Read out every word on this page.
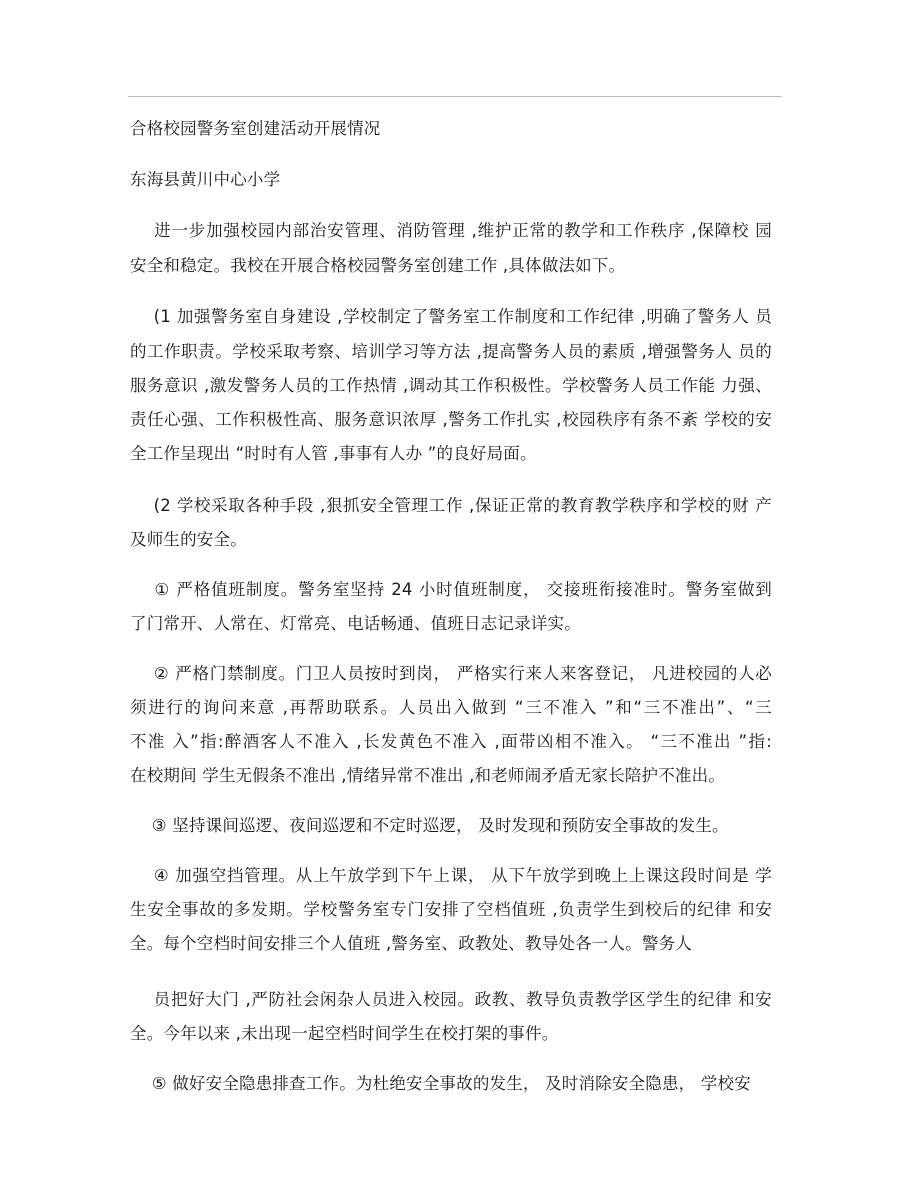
合格校园警务室创建活动开展情况
东海县黄川中心小学
进一步加强校园内部治安管理、消防管理 ,维护正常的教学和工作秩序 ,保障校 园
安全和稳定。我校在开展合格校园警务室创建工作 ,具体做法如下。
(1 加强警务室自身建设 ,学校制定了警务室工作制度和工作纪律 ,明确了警务人 员
的工作职责。学校采取考察、培训学习等方法 ,提高警务人员的素质 ,增强警务人 员的
服务意识 ,激发警务人员的工作热情 ,调动其工作积极性。学校警务人员工作能 力强、
责任心强、工作积极性高、服务意识浓厚 ,警务工作扎实 ,校园秩序有条不紊 学校的安
全工作呈现出 “时时有人管 ,事事有人办 ”的良好局面。
(2 学校采取各种手段 ,狠抓安全管理工作 ,保证正常的教育教学秩序和学校的财 产
及师生的安全。
① 严格值班制度。警务室坚持 24 小时值班制度， 交接班衔接准时。警务室做到
了门常开、人常在、灯常亮、电话畅通、值班日志记录详实。
② 严格门禁制度。门卫人员按时到岗， 严格实行来人来客登记， 凡进校园的人必
须进行的询问来意 ,再帮助联系。人员出入做到 “三不准入 ”和“三不准出”、“三
不准 入”指:醉酒客人不准入 ,长发黄色不准入 ,面带凶相不准入。 “三不准出 ”指:
在校期间 学生无假条不准出 ,情绪异常不准出 ,和老师闹矛盾无家长陪护不准出。
③ 坚持课间巡逻、夜间巡逻和不定时巡逻， 及时发现和预防安全事故的发生。
④ 加强空挡管理。从上午放学到下午上课， 从下午放学到晚上上课这段时间是 学
生安全事故的多发期。学校警务室专门安排了空档值班 ,负责学生到校后的纪律 和安
全。每个空档时间安排三个人值班 ,警务室、政教处、教导处各一人。警务人
员把好大门 ,严防社会闲杂人员进入校园。政教、教导负责教学区学生的纪律 和安
全。今年以来 ,未出现一起空档时间学生在校打架的事件。
⑤ 做好安全隐患排查工作。为杜绝安全事故的发生， 及时消除安全隐患， 学校安
